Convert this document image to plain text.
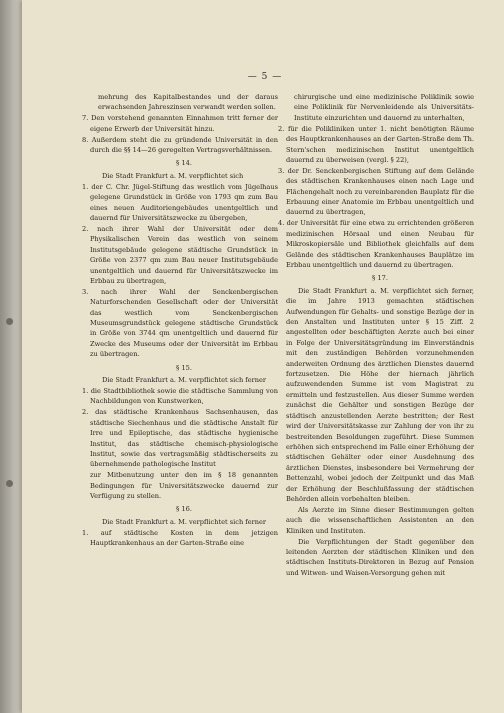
— 5 —

mehrung des Kapitalbestandes und der daraus erwachsenden Jahreszinsen verwandt werden sollen.

7. Den vorstehend genannten Einnahmen tritt ferner der eigene Erwerb der Universität hinzu.

8. Außerdem steht die zu gründende Universität in den durch die §§ 14—26 geregelten Vertragsverhältnissen.

§ 14.

Die Stadt Frankfurt a. M. verpflichtet sich

1. der C. Chr. Jügel-Stiftung das westlich vom Jügelhaus gelegene Grundstück in Größe von 1793 qm zum Bau eines neuen Auditoriengebäudes unentgeltlich und dauernd für Universitätszwecke zu übergeben,

2. nach ihrer Wahl der Universität oder dem Physikalischen Verein das westlich von seinem Institutsgebäude gelegene städtische Grundstück in Größe von 2377 qm zum Bau neuer Institutsgebäude unentgeltlich und dauernd für Universitätszwecke im Erbbau zu übertragen,

3. nach ihrer Wahl der Senckenbergischen Naturforschenden Gesellschaft oder der Universität das westlich vom Senckenbergischen Museumsgrundstück gelegene städtische Grundstück in Größe von 3744 qm unentgeltlich und dauernd für Zwecke des Museums oder der Universität im Erbbau zu übertragen.

§ 15.

Die Stadt Frankfurt a. M. verpflichtet sich ferner

1. die Stadtbibliothek sowie die städtische Sammlung von Nachbildungen von Kunstwerken,

2. das städtische Krankenhaus Sachsenhausen, das städtische Siechenhaus und die städtische Anstalt für Irre und Epileptische, das städtische hygienische Institut, das städtische chemisch-physiologische Institut, sowie das vertragsmäßig städtischerseits zu übernehmende pathologische Institut

zur Mitbenutzung unter den im § 18 genannten Bedingungen für Universitätszwecke dauernd zur Verfügung zu stellen.

§ 16.

Die Stadt Frankfurt a. M. verpflichtet sich ferner

1. auf städtische Kosten in dem jetzigen Hauptkrankenhaus an der Garten-Straße eine

chirurgische und eine medizinische Poliklinik sowie eine Poliklinik für Nervenleidende als Universitäts-Institute einzurichten und dauernd zu unterhalten,

2. für die Polikliniken unter 1. nicht benötigten Räume des Hauptkrankenhauses an der Garten-Straße dem Th. Stern'schen medizinischen Institut unentgeltlich dauernd zu überweisen (vergl. § 22),

3. der Dr. Senckenbergischen Stiftung auf dem Gelände des städtischen Krankenhauses einen nach Lage und Flächengehalt noch zu vereinbarenden Bauplatz für die Erbauung einer Anatomie im Erbbau unentgeltlich und dauernd zu übertragen,

4. der Universität für eine etwa zu errichtenden größeren medizinischen Hörsaal und einen Neubau für Mikroskopiersäle und Bibliothek gleichfalls auf dem Gelände des städtischen Krankenhauses Bauplätze im Erbbau unentgeltlich und dauernd zu übertragen.

§ 17.

Die Stadt Frankfurt a. M. verpflichtet sich ferner, die im Jahre 1913 gemachten städtischen Aufwendungen für Gehalts- und sonstige Bezüge der in den Anstalten und Instituten unter § 15 Ziff. 2 angestellten oder beschäftigten Aerzte auch bei einer in Folge der Universitätsgründung im Einverständnis mit den zuständigen Behörden vorzunehmenden anderweiten Ordnung des ärztlichen Dienstes dauernd fortzusetzen. Die Höhe der hiernach jährlich aufzuwendenden Summe ist vom Magistrat zu ermitteln und festzustellen. Aus dieser Summe werden zunächst die Gehälter und sonstigen Bezüge der städtisch anzustellenden Aerzte bestritten; der Rest wird der Universitätskasse zur Zahlung der von ihr zu bestreitenden Besoldungen zugeführt. Diese Summen erhöhen sich entsprechend im Falle einer Erhöhung der städtischen Gehälter oder einer Ausdehnung des ärztlichen Dienstes, insbesondere bei Vermehrung der Bettenzahl, wobei jedoch der Zeitpunkt und das Maß der Erhöhung der Beschlußfassung der städtischen Behörden allein vorbehalten bleiben.

Als Aerzte im Sinne dieser Bestimmungen gelten auch die wissenschaftlichen Assistenten an den Kliniken und Instituten.

Die Verpflichtungen der Stadt gegenüber den leitenden Aerzten der städtischen Kliniken und den städtischen Instituts-Direktoren in Bezug auf Pension und Witwen- und Waisen-Versorgung gehen mit
